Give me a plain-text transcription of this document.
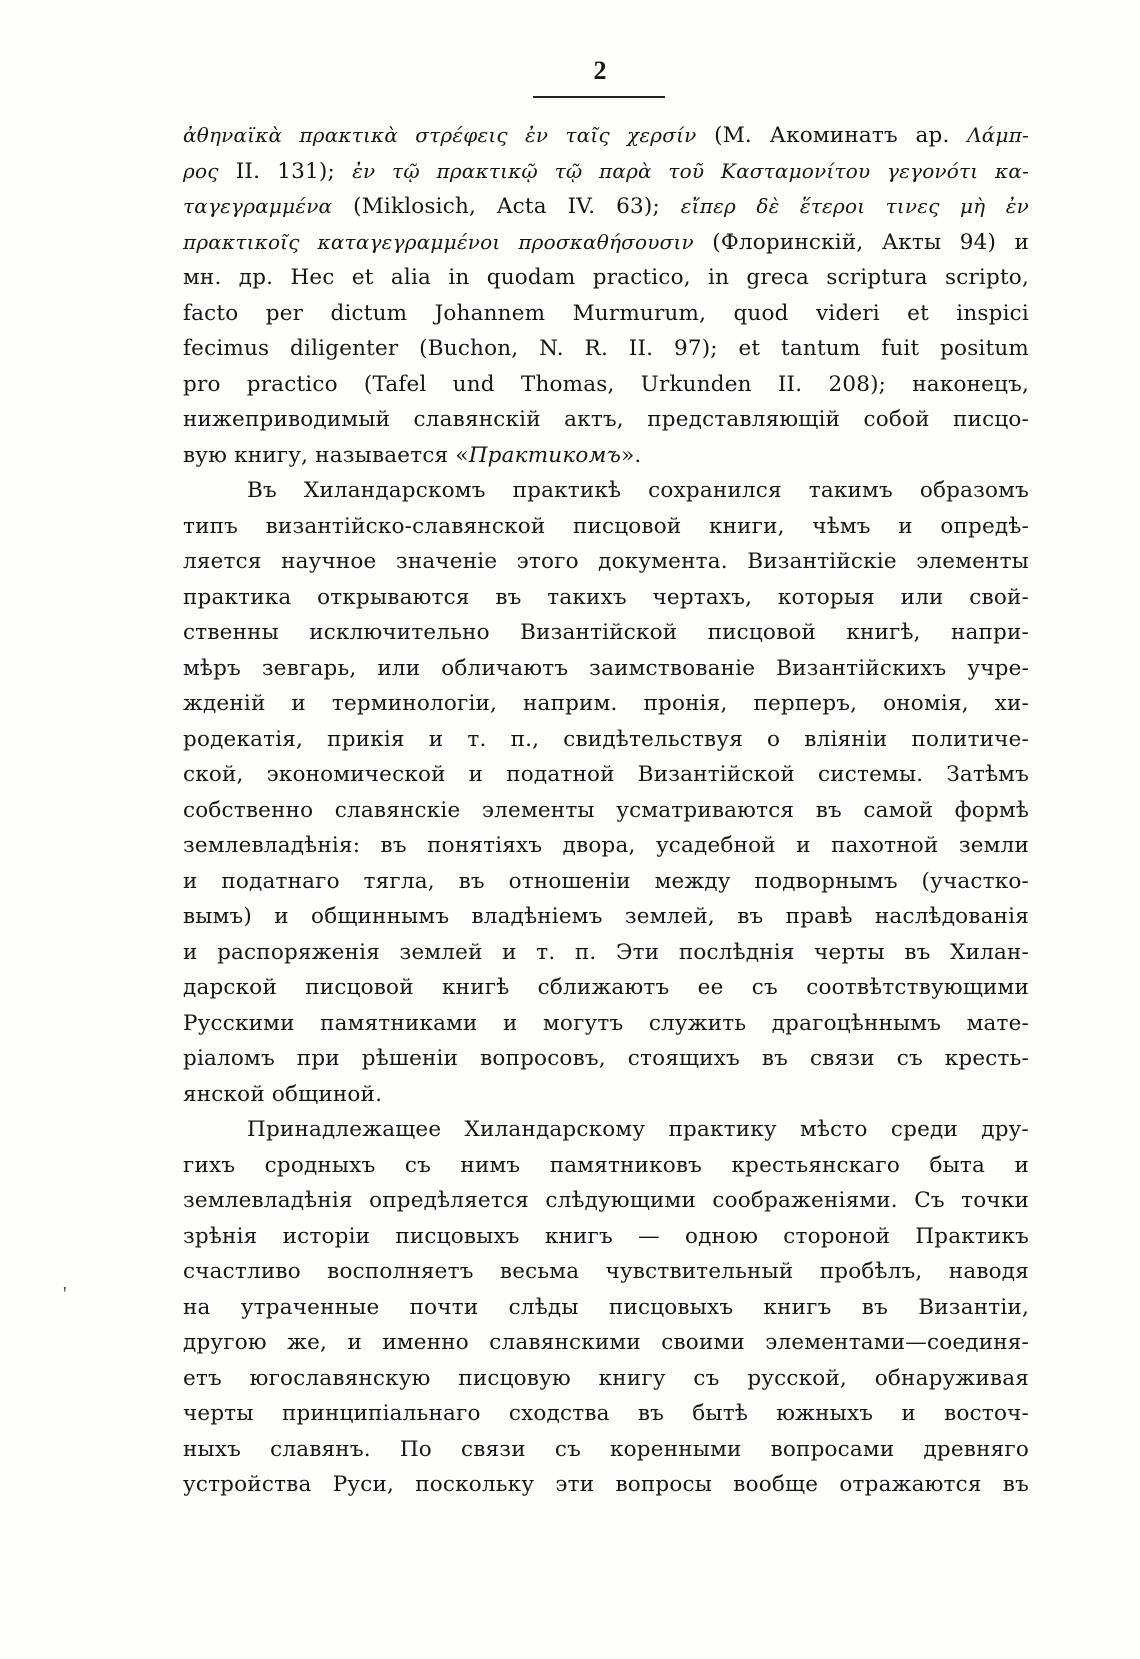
2
ἀθηναϊκὰ πρακτικὰ στρέφεις ἐν ταῖς χερσίν (М. Акоминатъ ар. Λάμπ-
ρος II. 131); ἐν τῷ πρακτικῷ τῷ παρὰ τοῦ Κασταμονίτου γεγονότι κα-
ταγεγραμμένα (Miklosich, Acta IV. 63); εἴπερ δὲ ἕτεροι τινες μὴ ἐν
πρακτικοῖς καταγεγραμμένοι προσκαθήσουσιν (Флоринскій, Акты 94) и
мн. др. Hec et alia in quodam practico, in greca scriptura scripto,
facto per dictum Johannem Murmurum, quod videri et inspici
fecimus diligenter (Buchon, N. R. II. 97); et tantum fuit positum
pro practico (Tafel und Thomas, Urkunden II. 208); наконецъ,
нижеприводимый славянскій актъ, представляющій собой писцо-
вую книгу, называется «Практикомъ».
Въ Хиландарскомъ практикѣ сохранился такимъ образомъ
типъ византійско-славянской писцовой книги, чѣмъ и опредѣ-
ляется научное значеніе этого документа. Византійскіе элементы
практика открываются въ такихъ чертахъ, которыя или свой-
ственны исключительно Византійской писцовой книгѣ, напри-
мѣръ зевгарь, или обличаютъ заимствованіе Византійскихъ учре-
жденій и терминологіи, наприм. пронія, перперъ, ономія, хи-
родекатія, прикія и т. п., свидѣтельствуя о вліяніи политиче-
ской, экономической и податной Византійской системы. Затѣмъ
собственно славянскіе элементы усматриваются въ самой формѣ
землевладѣнія: въ понятіяхъ двора, усадебной и пахотной земли
и податнаго тягла, въ отношеніи между подворнымъ (участко-
вымъ) и общиннымъ владѣніемъ землей, въ правѣ наслѣдованія
и распоряженія землей и т. п. Эти послѣднія черты въ Хилан-
дарской писцовой книгѣ сближаютъ ее съ соотвѣтствующими
Русскими памятниками и могутъ служить драгоцѣннымъ мате-
ріаломъ при рѣшеніи вопросовъ, стоящихъ въ связи съ кресть-
янской общиной.
Принадлежащее Хиландарскому практику мѣсто среди дру-
гихъ сродныхъ съ нимъ памятниковъ крестьянскаго быта и
землевладѣнія опредѣляется слѣдующими соображеніями. Съ точки
зрѣнія исторіи писцовыхъ книгъ — одною стороной Практикъ
счастливо восполняетъ весьма чувствительный пробѣлъ, наводя
на утраченные почти слѣды писцовыхъ книгъ въ Византіи,
другою же, и именно славянскими своими элементами—соединя-
етъ югославянскую писцовую книгу съ русской, обнаруживая
черты принципіальнаго сходства въ бытѣ южныхъ и восточ-
ныхъ славянъ. По связи съ коренными вопросами древняго
устройства Руси, поскольку эти вопросы вообще отражаются въ
'
